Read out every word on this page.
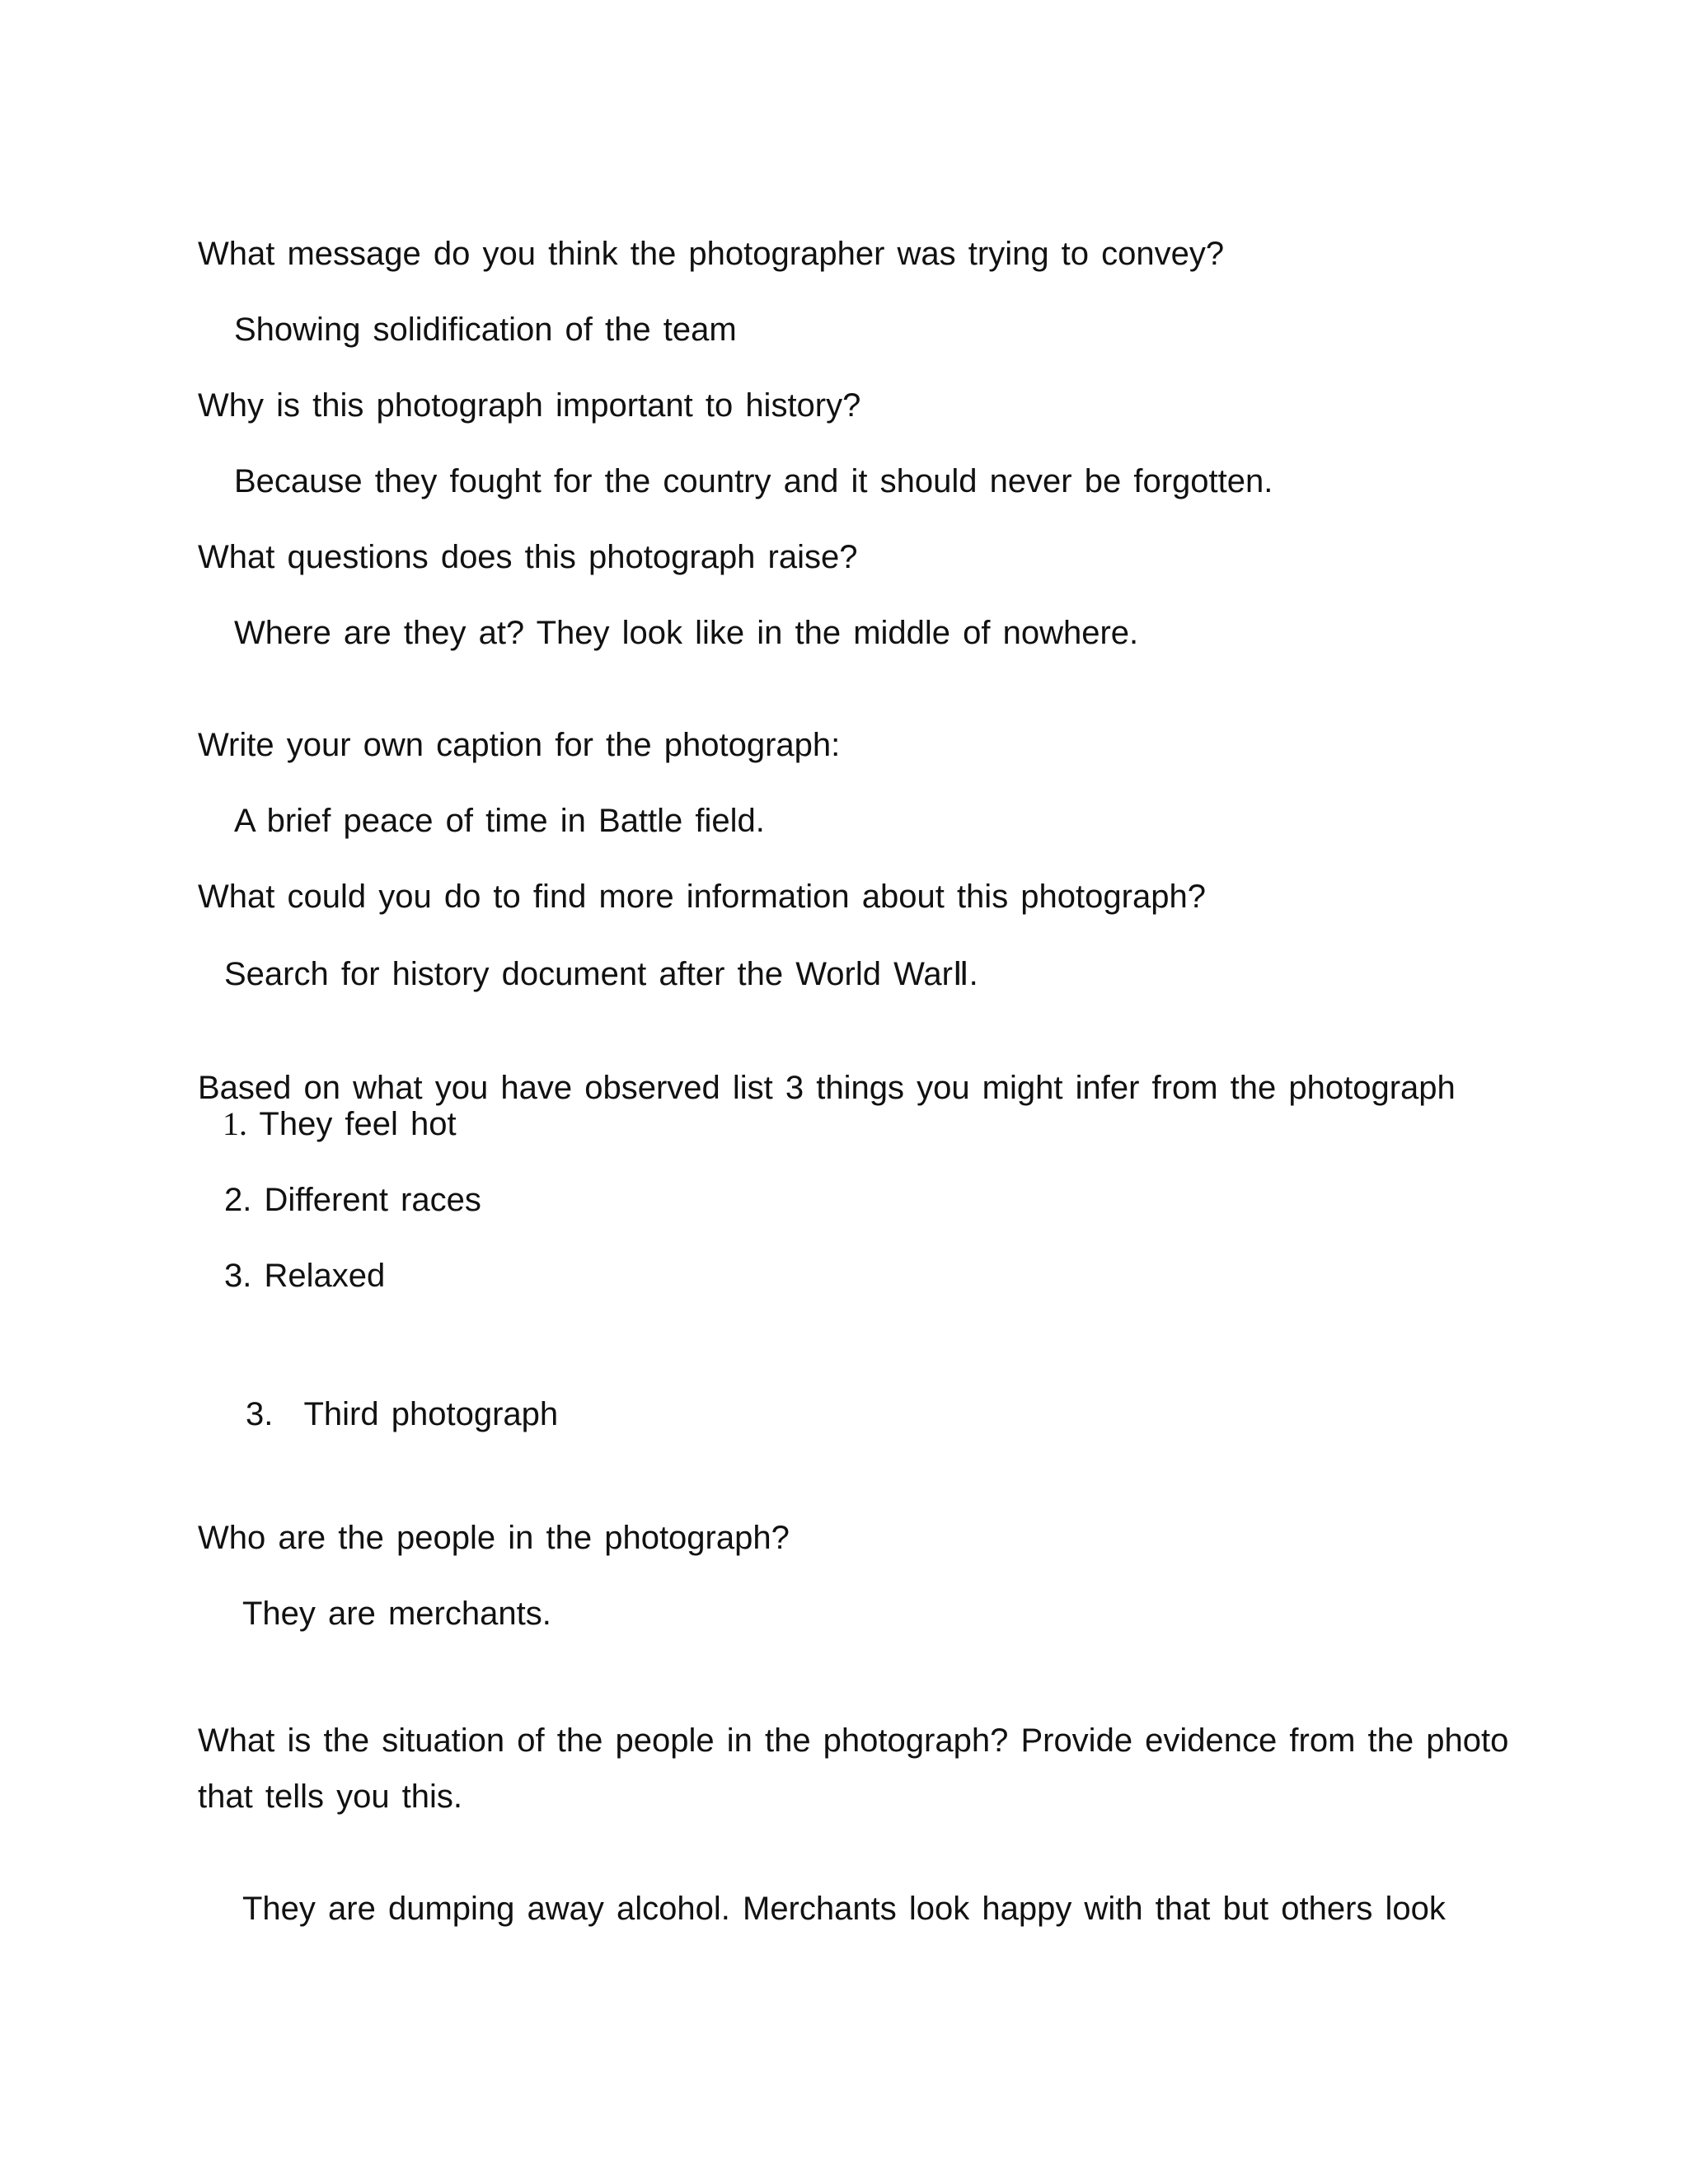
What message do you think the photographer was trying to convey?
Showing solidification of the team
Why is this photograph important to history?
Because they fought for the country and it should never be forgotten.
What questions does this photograph raise?
Where are they at? They look like in the middle of nowhere.
Write your own caption for the photograph:
A brief peace of time in Battle field.
What could you do to find more information about this photograph?
Search for history document after the World WarⅡ.
Based on what you have observed list 3 things you might infer from the photograph
1. They feel hot
2. Different races
3. Relaxed
3. Third photograph
Who are the people in the photograph?
They are merchants.
What is the situation of the people in the photograph? Provide evidence from the photo
that tells you this.
They are dumping away alcohol. Merchants look happy with that but others look
